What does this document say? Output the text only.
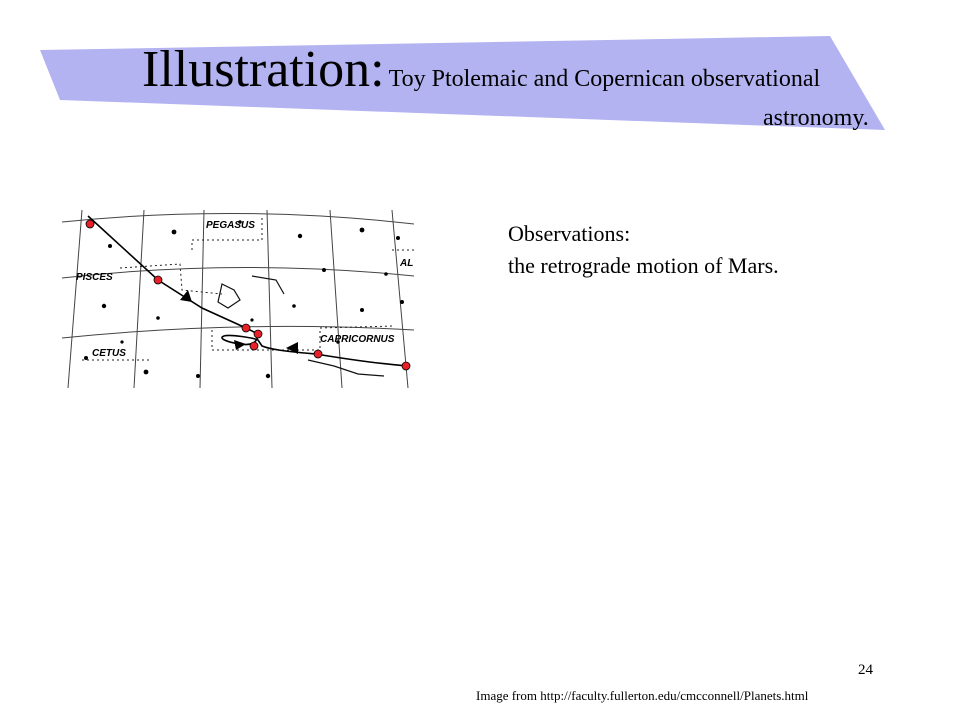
Illustration: Toy Ptolemaic and Copernican observational
astronomy.
PEGASUS
PISCES
CETUS
CAPRICORNUS
AL
Observations:
the retrograde motion of Mars.
24
Image from http://faculty.fullerton.edu/cmcconnell/Planets.html
